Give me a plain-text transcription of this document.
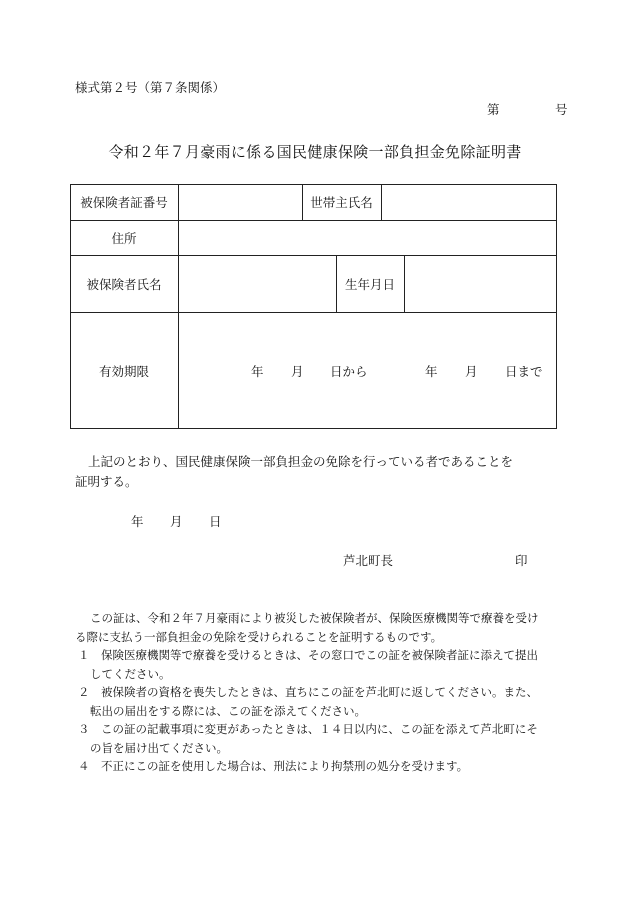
様式第２号（第７条関係）
第	号
令和２年７月豪雨に係る国民健康保険一部負担金免除証明書
被保険者証番号	世帯主氏名
住所
被保険者氏名	生年月日
有効期限	年 月 日から	年 月 日まで
上記のとおり、国民健康保険一部負担金の免除を行っている者であることを
証明する。
年 月 日
芦北町長	印
この証は、令和２年７月豪雨により被災した被保険者が、保険医療機関等で療養を受け
る際に支払う一部負担金の免除を受けられることを証明するものです。
１　保険医療機関等で療養を受けるときは、その窓口でこの証を被保険者証に添えて提出
してください。
２　被保険者の資格を喪失したときは、直ちにこの証を芦北町に返してください。また、
転出の届出をする際には、この証を添えてください。
３　この証の記載事項に変更があったときは、１４日以内に、この証を添えて芦北町にそ
の旨を届け出てください。
４　不正にこの証を使用した場合は、刑法により拘禁刑の処分を受けます。
